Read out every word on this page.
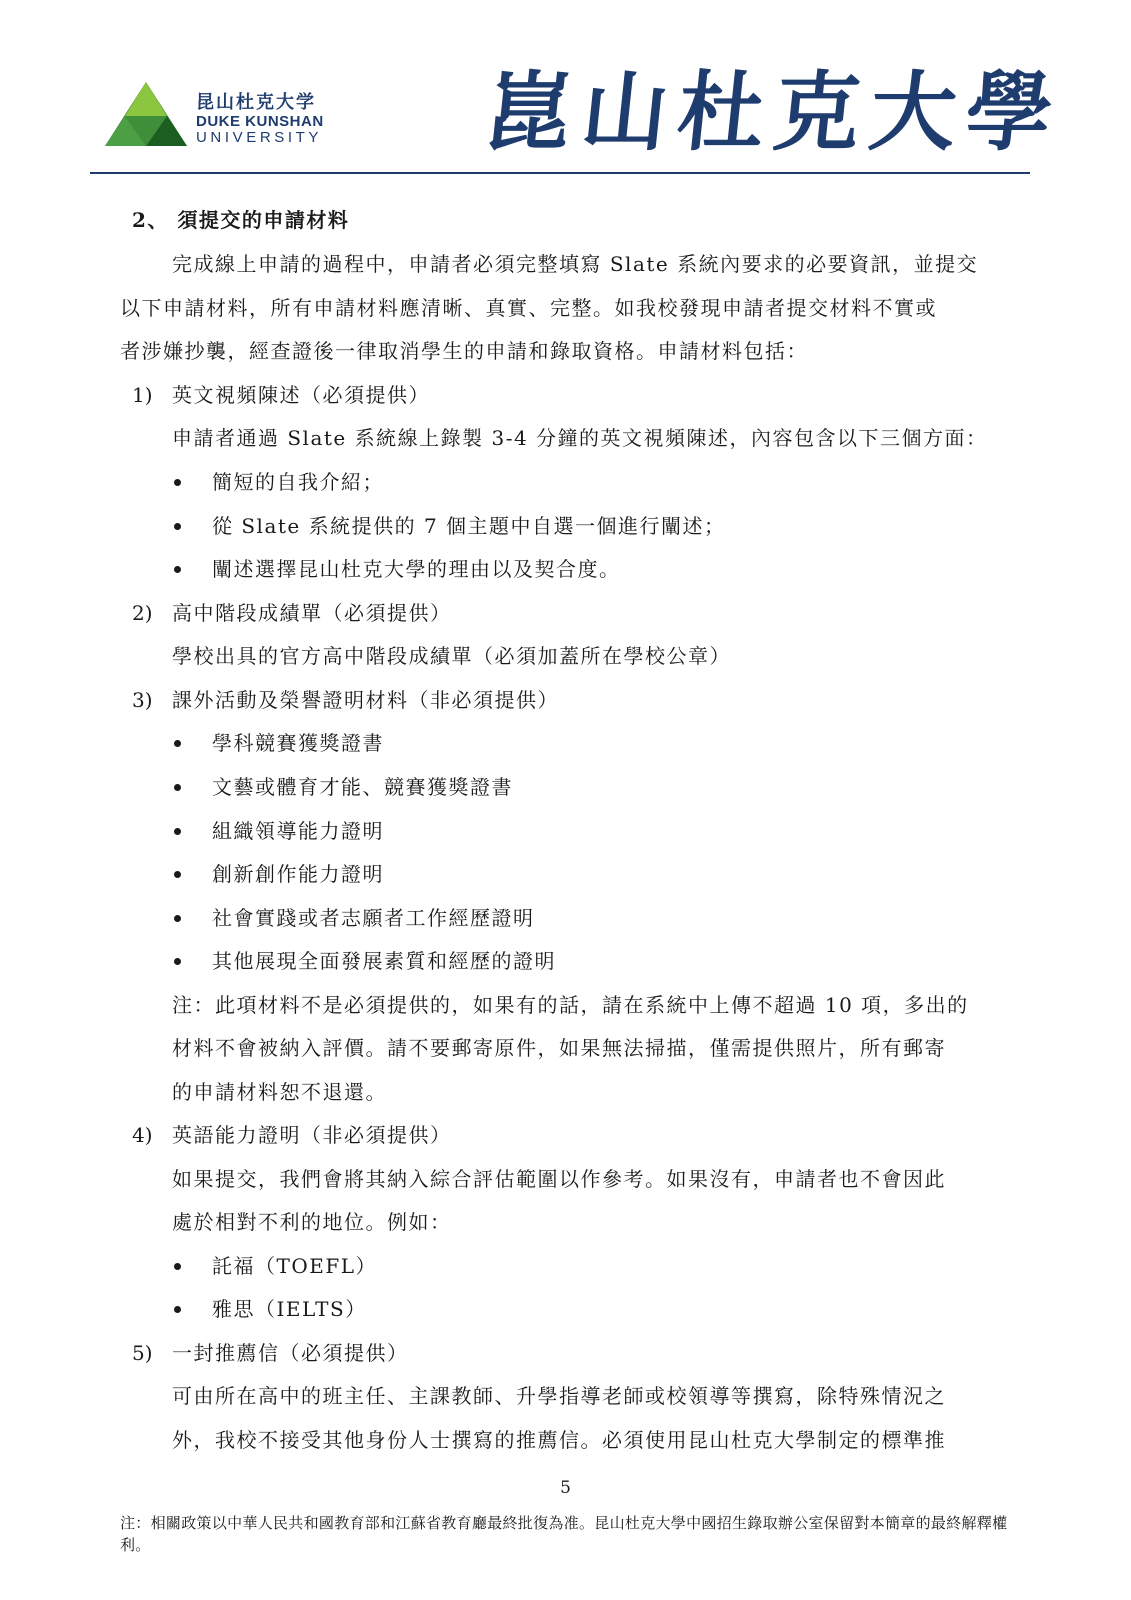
昆山杜克大学
DUKE KUNSHAN
UNIVERSITY 崑山杜克大學
2、 須提交的申請材料
完成線上申請的過程中，申請者必須完整填寫 Slate 系統內要求的必要資訊，並提交
以下申請材料，所有申請材料應清晰、真實、完整。如我校發現申請者提交材料不實或
者涉嫌抄襲，經查證後一律取消學生的申請和錄取資格。申請材料包括：
1) 英文視頻陳述（必須提供）
申請者通過 Slate 系統線上錄製 3-4 分鐘的英文視頻陳述，內容包含以下三個方面：
簡短的自我介紹；
從 Slate 系統提供的 7 個主題中自選一個進行闡述；
闡述選擇昆山杜克大學的理由以及契合度。
2) 高中階段成績單（必須提供）
學校出具的官方高中階段成績單（必須加蓋所在學校公章）
3) 課外活動及榮譽證明材料（非必須提供）
學科競賽獲獎證書
文藝或體育才能、競賽獲獎證書
組織領導能力證明
創新創作能力證明
社會實踐或者志願者工作經歷證明
其他展現全面發展素質和經歷的證明
注：此項材料不是必須提供的，如果有的話，請在系統中上傳不超過 10 項，多出的
材料不會被納入評價。請不要郵寄原件，如果無法掃描，僅需提供照片，所有郵寄
的申請材料恕不退還。
4) 英語能力證明（非必須提供）
如果提交，我們會將其納入綜合評估範圍以作參考。如果沒有，申請者也不會因此
處於相對不利的地位。例如：
託福（TOEFL）
雅思（IELTS）
5) 一封推薦信（必須提供）
可由所在高中的班主任、主課教師、升學指導老師或校領導等撰寫，除特殊情況之
外，我校不接受其他身份人士撰寫的推薦信。必須使用昆山杜克大學制定的標準推
5
注：相關政策以中華人民共和國教育部和江蘇省教育廳最終批復為准。昆山杜克大學中國招生錄取辦公室保留對本簡章的最終解釋權利。
